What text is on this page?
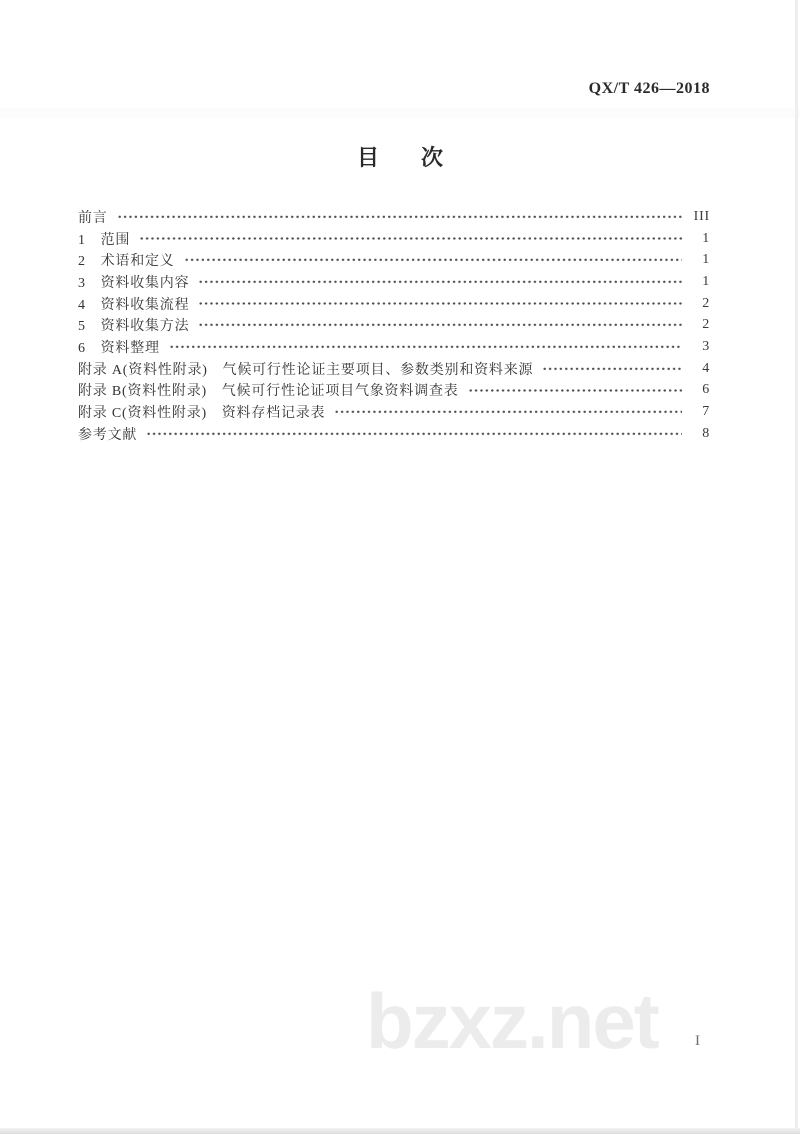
QX/T 426—2018
目次
前言	III
1　范围	1
2　术语和定义	1
3　资料收集内容	1
4　资料收集流程	2
5　资料收集方法	2
6　资料整理	3
附录 A(资料性附录)　气候可行性论证主要项目、参数类别和资料来源	4
附录 B(资料性附录)　气候可行性论证项目气象资料调查表	6
附录 C(资料性附录)　资料存档记录表	7
参考文献	8
bzxz.net I
